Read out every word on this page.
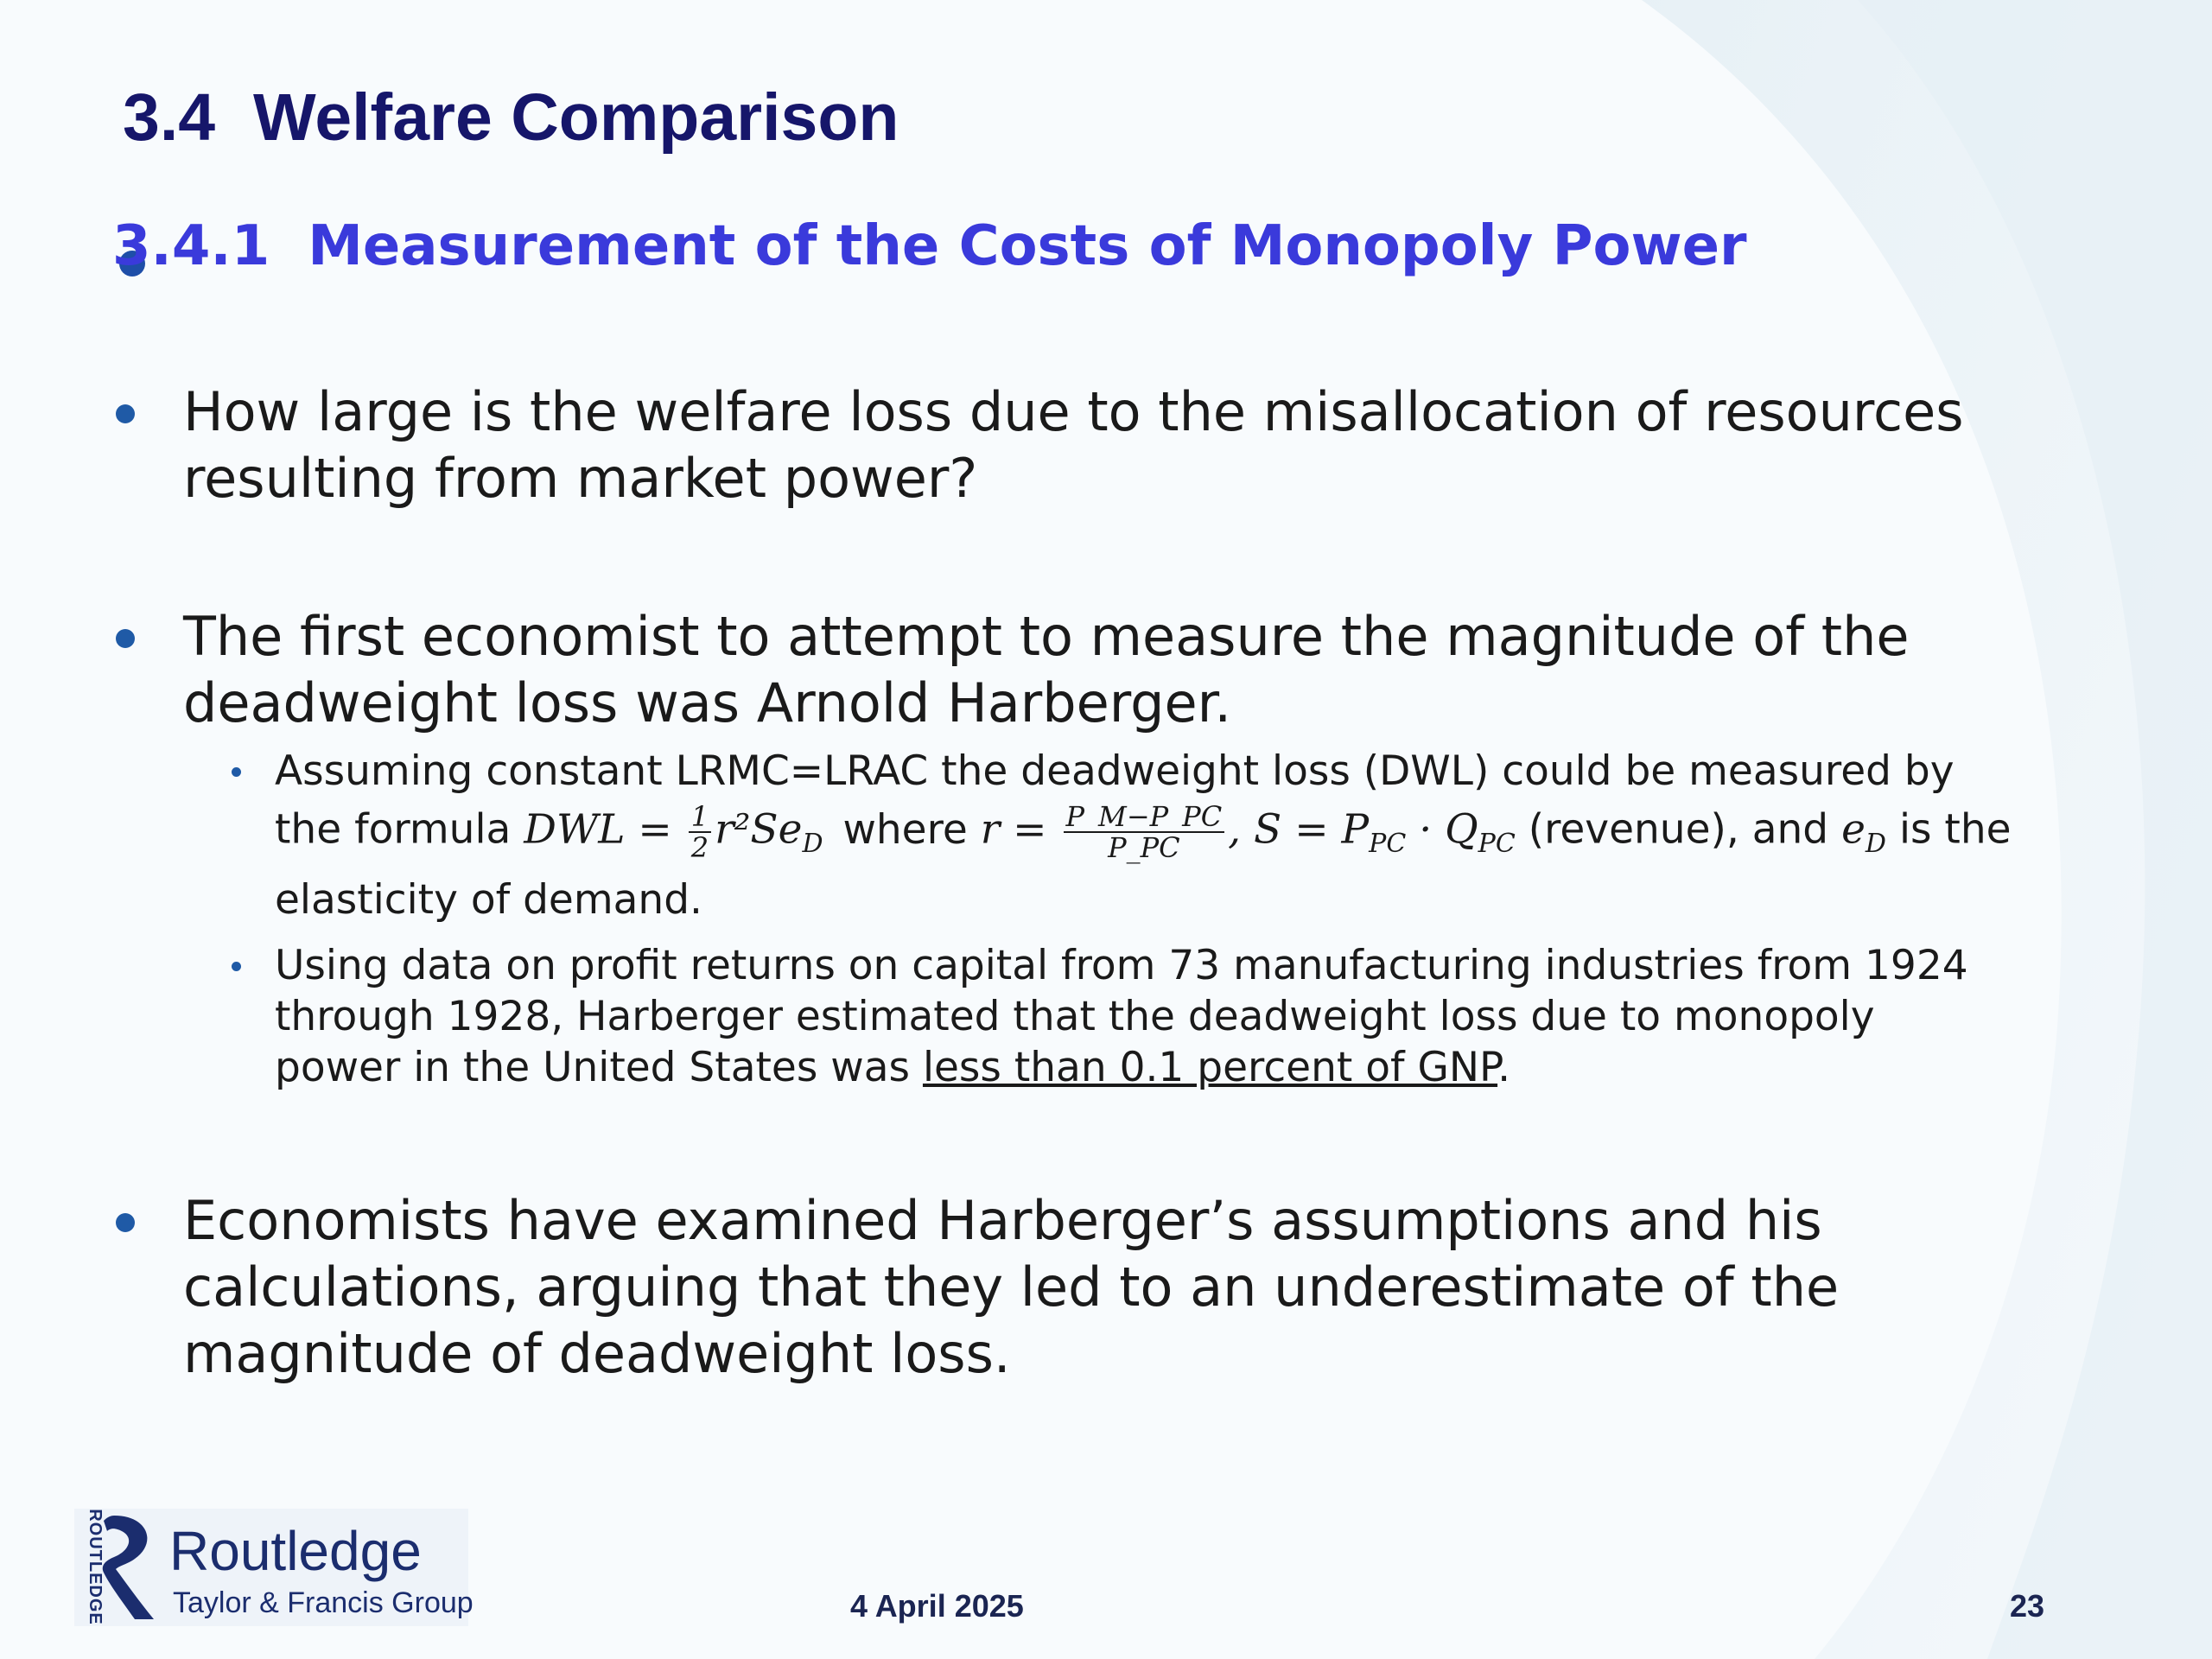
3.4 Welfare Comparison
3.4.1 Measurement of the Costs of Monopoly Power
How large is the welfare loss due to the misallocation of resources
resulting from market power?
The first economist to attempt to measure the magnitude of the
deadweight loss was Arnold Harberger.
Assuming constant LRMC=LRAC the deadweight loss (DWL) could be measured by
the formula DWL = $\frac{1}{2} r^2Se_D$ where $r = \frac{P\_M-P\_PC}{P\_PC}$ , $S = P_{PC} \cdot Q_{PC}$ (revenue), and $e_D$ is the
elasticity of demand.
Using data on profit returns on capital from 73 manufacturing industries from 1924
through 1928, Harberger estimated that the deadweight loss due to monopoly
power in the United States was less than 0.1 percent of GNP.
Economists have examined Harberger’s assumptions and his
calculations, arguing that they led to an underestimate of the
magnitude of deadweight loss.
ROUTLEDGE Routledge
Taylor & Francis Group	4 April 2025	23
